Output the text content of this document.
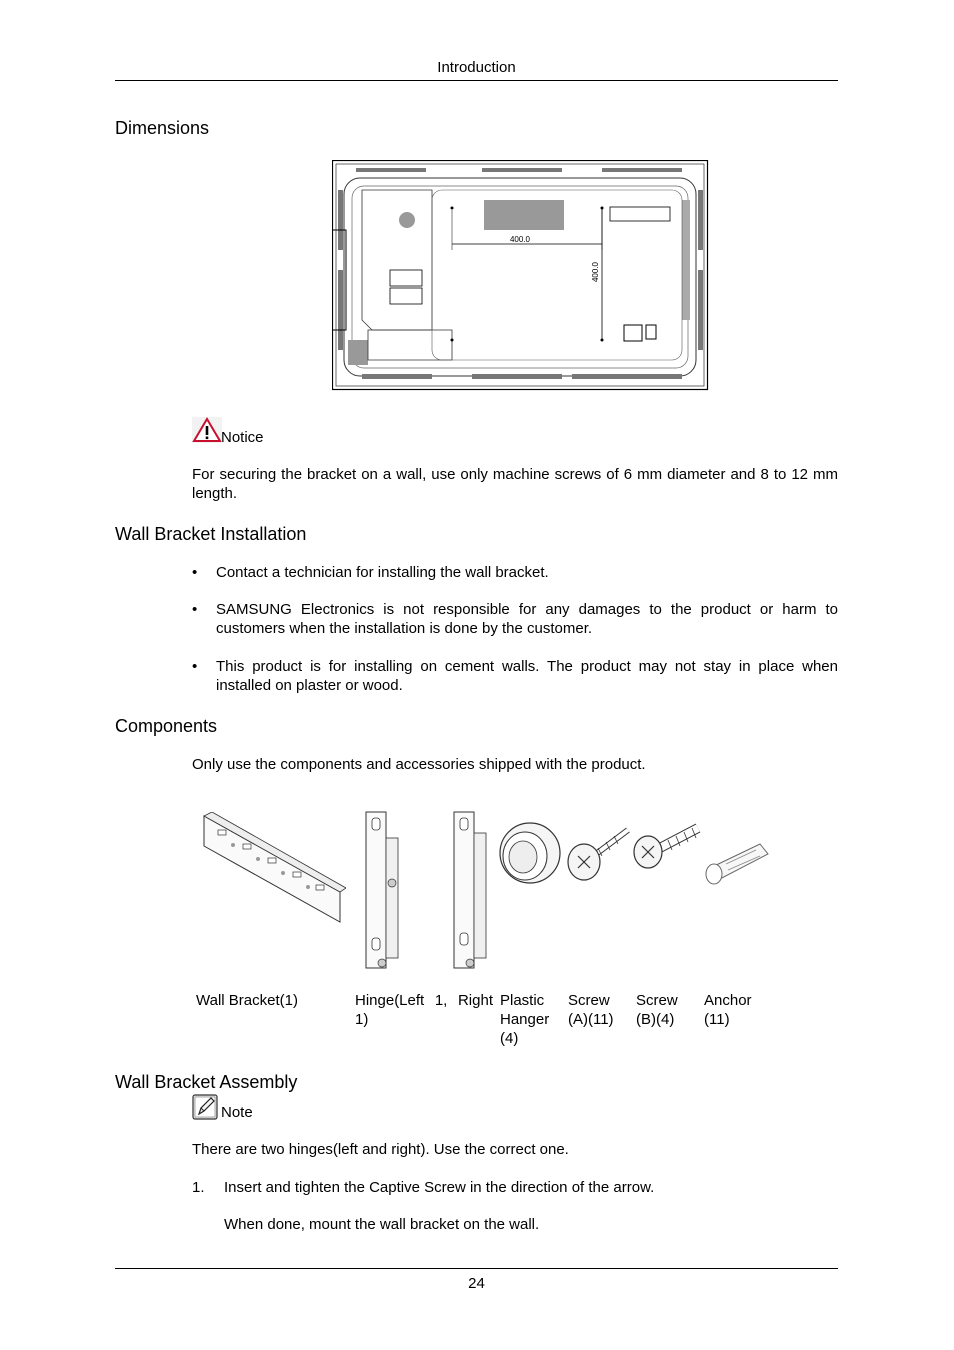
Introduction
Dimensions
400.0
400.0
Notice
For securing the bracket on a wall, use only machine screws of 6 mm diameter and 8 to 12 mm length.
Wall Bracket Installation
• Contact a technician for installing the wall bracket.
• SAMSUNG Electronics is not responsible for any damages to the product or harm to customers when the installation is done by the customer.
• This product is for installing on cement walls. The product may not stay in place when installed on plaster or wood.
Components
Only use the components and accessories shipped with the product.
Wall Bracket(1)	Hinge(Left 1, Right 1)
Plastic Hanger (4)
Screw (A)(11)
Screw (B)(4)
Anchor (11)
Wall Bracket Assembly
Note
There are two hinges(left and right). Use the correct one.
1. Insert and tighten the Captive Screw in the direction of the arrow.
When done, mount the wall bracket on the wall.
24
